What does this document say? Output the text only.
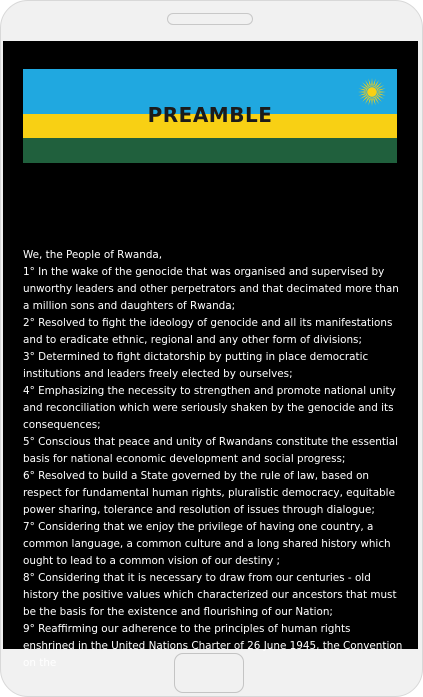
PREAMBLE

We, the People of Rwanda,

1° In the wake of the genocide that was organised and supervised by unworthy leaders and other perpetrators and that decimated more than a million sons and daughters of Rwanda;

2° Resolved to fight the ideology of genocide and all its manifestations and to eradicate ethnic, regional and any other form of divisions;

3° Determined to fight dictatorship by putting in place democratic institutions and leaders freely elected by ourselves;

4° Emphasizing the necessity to strengthen and promote national unity and reconciliation which were seriously shaken by the genocide and its consequences;

5° Conscious that peace and unity of Rwandans constitute the essential basis for national economic development and social progress;

6° Resolved to build a State governed by the rule of law, based on respect for fundamental human rights, pluralistic democracy, equitable power sharing, tolerance and resolution of issues through dialogue;

7° Considering that we enjoy the privilege of having one country, a common language, a common culture and a long shared history which ought to lead to a common vision of our destiny ;

8° Considering that it is necessary to draw from our centuries - old history the positive values which characterized our ancestors that must be the basis for the existence and flourishing of our Nation;

9° Reaffirming our adherence to the principles of human rights enshrined in the United Nations Charter of 26 June 1945, the Convention on the
